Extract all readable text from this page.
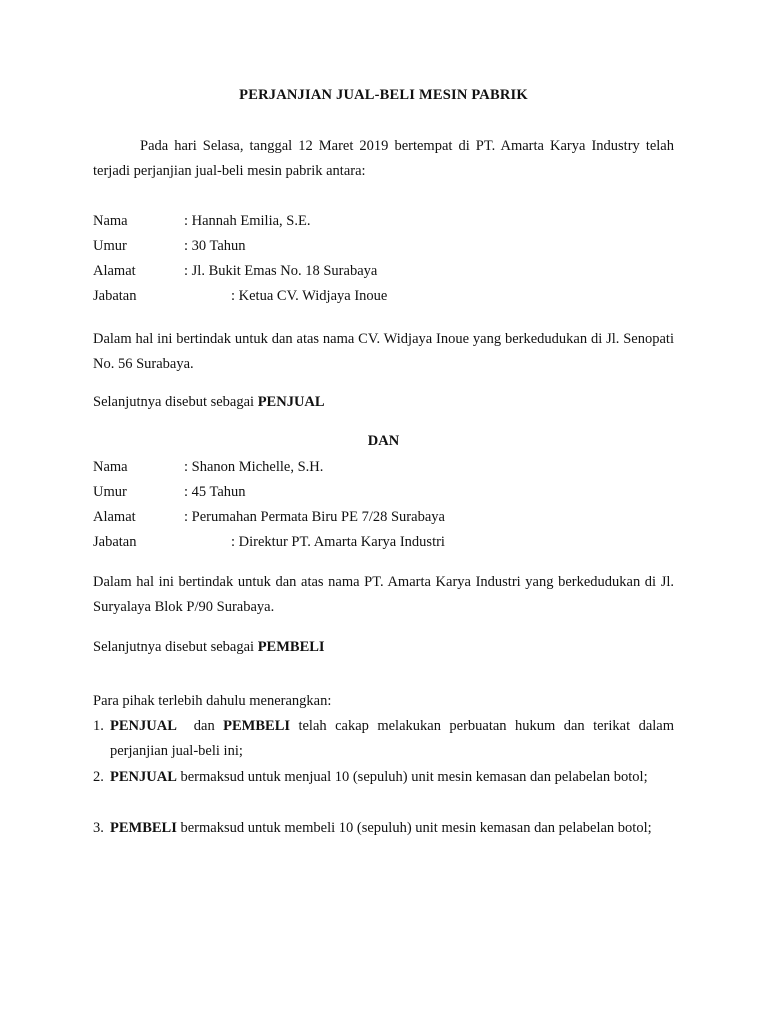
PERJANJIAN JUAL-BELI MESIN PABRIK
Pada hari Selasa, tanggal 12 Maret 2019 bertempat di PT. Amarta Karya Industry telah terjadi perjanjian jual-beli mesin pabrik antara:
Nama	: Hannah Emilia, S.E.
Umur	: 30 Tahun
Alamat	: Jl. Bukit Emas No. 18 Surabaya
Jabatan	: Ketua CV. Widjaya Inoue
Dalam hal ini bertindak untuk dan atas nama CV. Widjaya Inoue yang berkedudukan di Jl. Senopati No. 56 Surabaya.
Selanjutnya disebut sebagai PENJUAL
DAN
Nama	: Shanon Michelle, S.H.
Umur	: 45 Tahun
Alamat	: Perumahan Permata Biru PE 7/28 Surabaya
Jabatan	: Direktur PT. Amarta Karya Industri
Dalam hal ini bertindak untuk dan atas nama PT. Amarta Karya Industri yang berkedudukan di Jl. Suryalaya Blok P/90 Surabaya.
Selanjutnya disebut sebagai PEMBELI
Para pihak terlebih dahulu menerangkan:
1. PENJUAL  dan PEMBELI telah cakap melakukan perbuatan hukum dan terikat dalam perjanjian jual-beli ini;
2. PENJUAL bermaksud untuk menjual 10 (sepuluh) unit mesin kemasan dan pelabelan botol;
3. PEMBELI bermaksud untuk membeli 10 (sepuluh) unit mesin kemasan dan pelabelan botol;
